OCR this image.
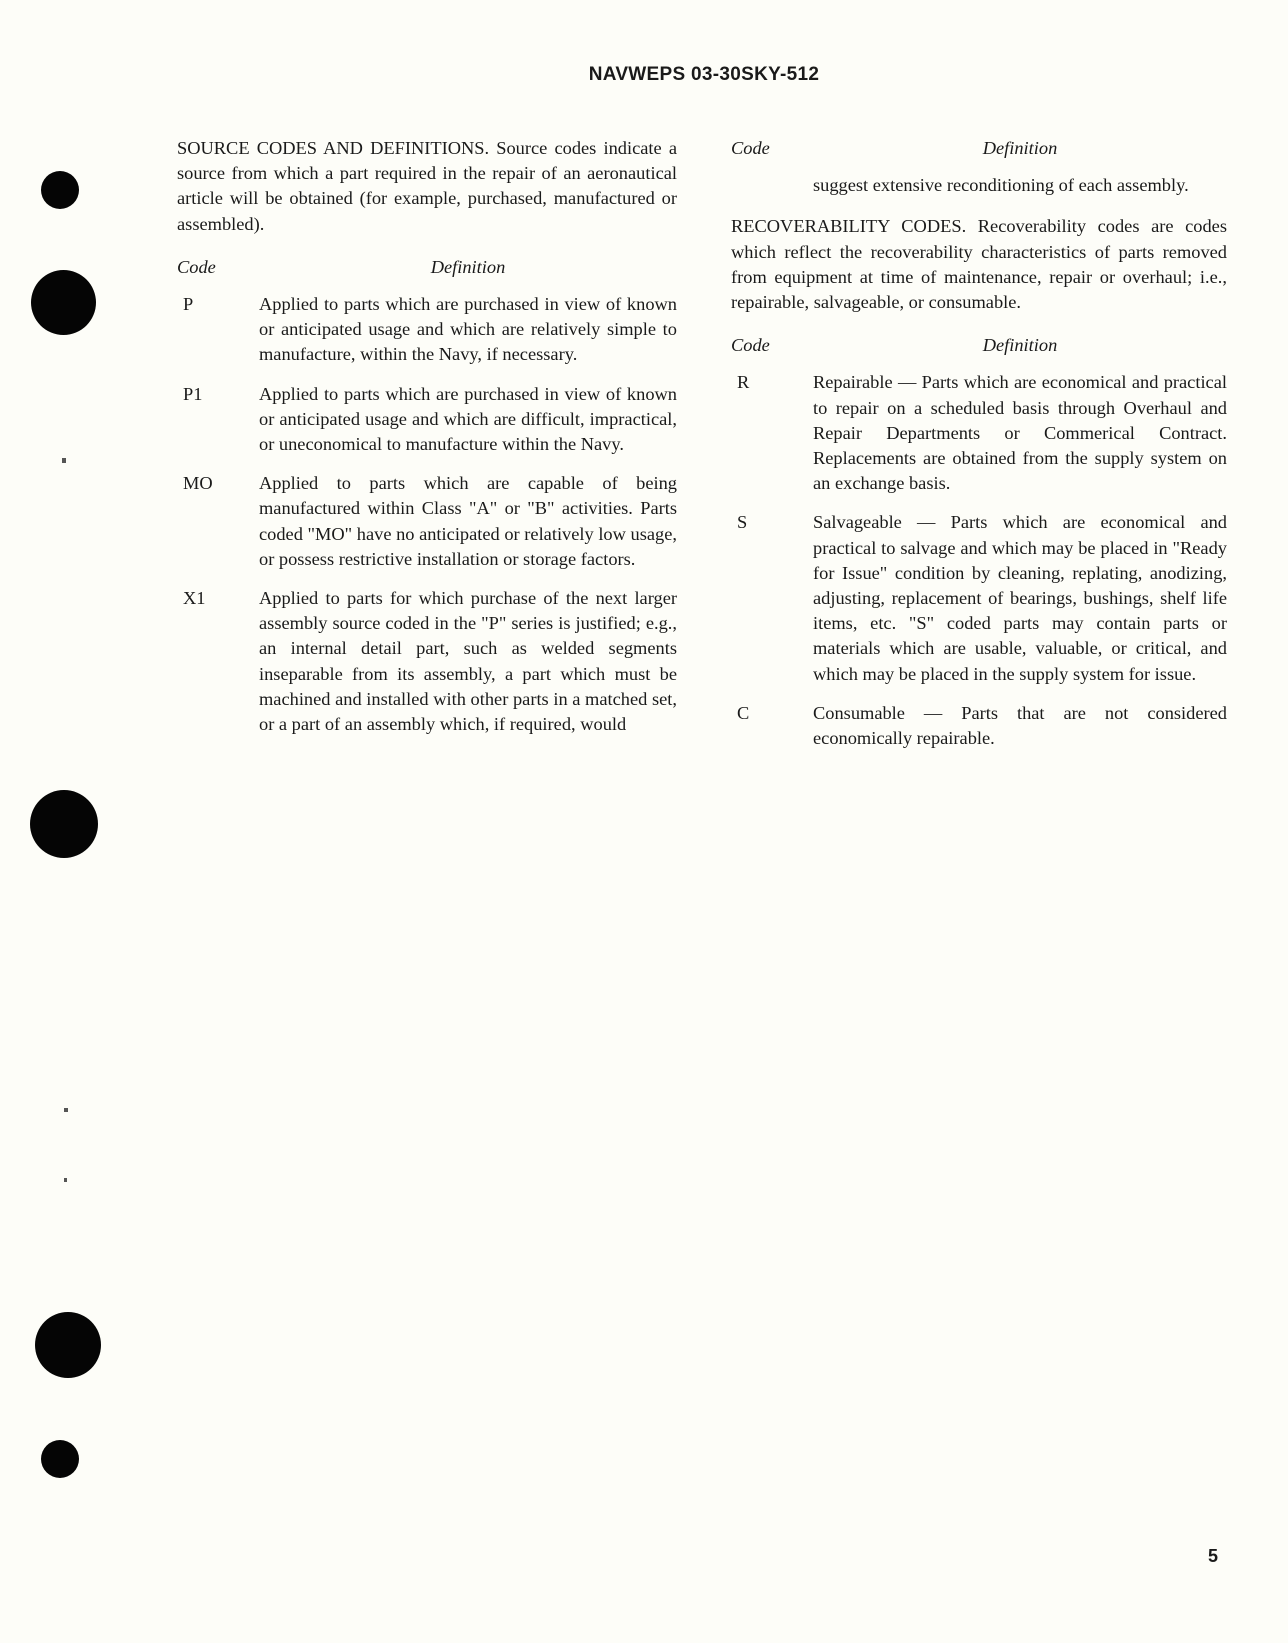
NAVWEPS 03-30SKY-512

SOURCE CODES AND DEFINITIONS. Source codes indicate a source from which a part required in the repair of an aeronautical article will be obtained (for example, purchased, manufactured or assembled).

Code	Definition
P	Applied to parts which are purchased in view of known or anticipated usage and which are relatively simple to manufacture, within the Navy, if necessary.
P1	Applied to parts which are purchased in view of known or anticipated usage and which are difficult, impractical, or uneconomical to manufacture within the Navy.
MO	Applied to parts which are capable of being manufactured within Class "A" or "B" activities. Parts coded "MO" have no anticipated or relatively low usage, or possess restrictive installation or storage factors.
X1	Applied to parts for which purchase of the next larger assembly source coded in the "P" series is justified; e.g., an internal detail part, such as welded segments inseparable from its assembly, a part which must be machined and installed with other parts in a matched set, or a part of an assembly which, if required, would
Code	Definition
suggest extensive reconditioning of each assembly.

RECOVERABILITY CODES. Recoverability codes are codes which reflect the recoverability characteristics of parts removed from equipment at time of maintenance, repair or overhaul; i.e., repairable, salvageable, or consumable.

Code	Definition
R	Repairable — Parts which are economical and practical to repair on a scheduled basis through Overhaul and Repair Departments or Commerical Contract. Replacements are obtained from the supply system on an exchange basis.
S	Salvageable — Parts which are economical and practical to salvage and which may be placed in "Ready for Issue" condition by cleaning, replating, anodizing, adjusting, replacement of bearings, bushings, shelf life items, etc. "S" coded parts may contain parts or materials which are usable, valuable, or critical, and which may be placed in the supply system for issue.
C	Consumable — Parts that are not considered economically repairable.
5
